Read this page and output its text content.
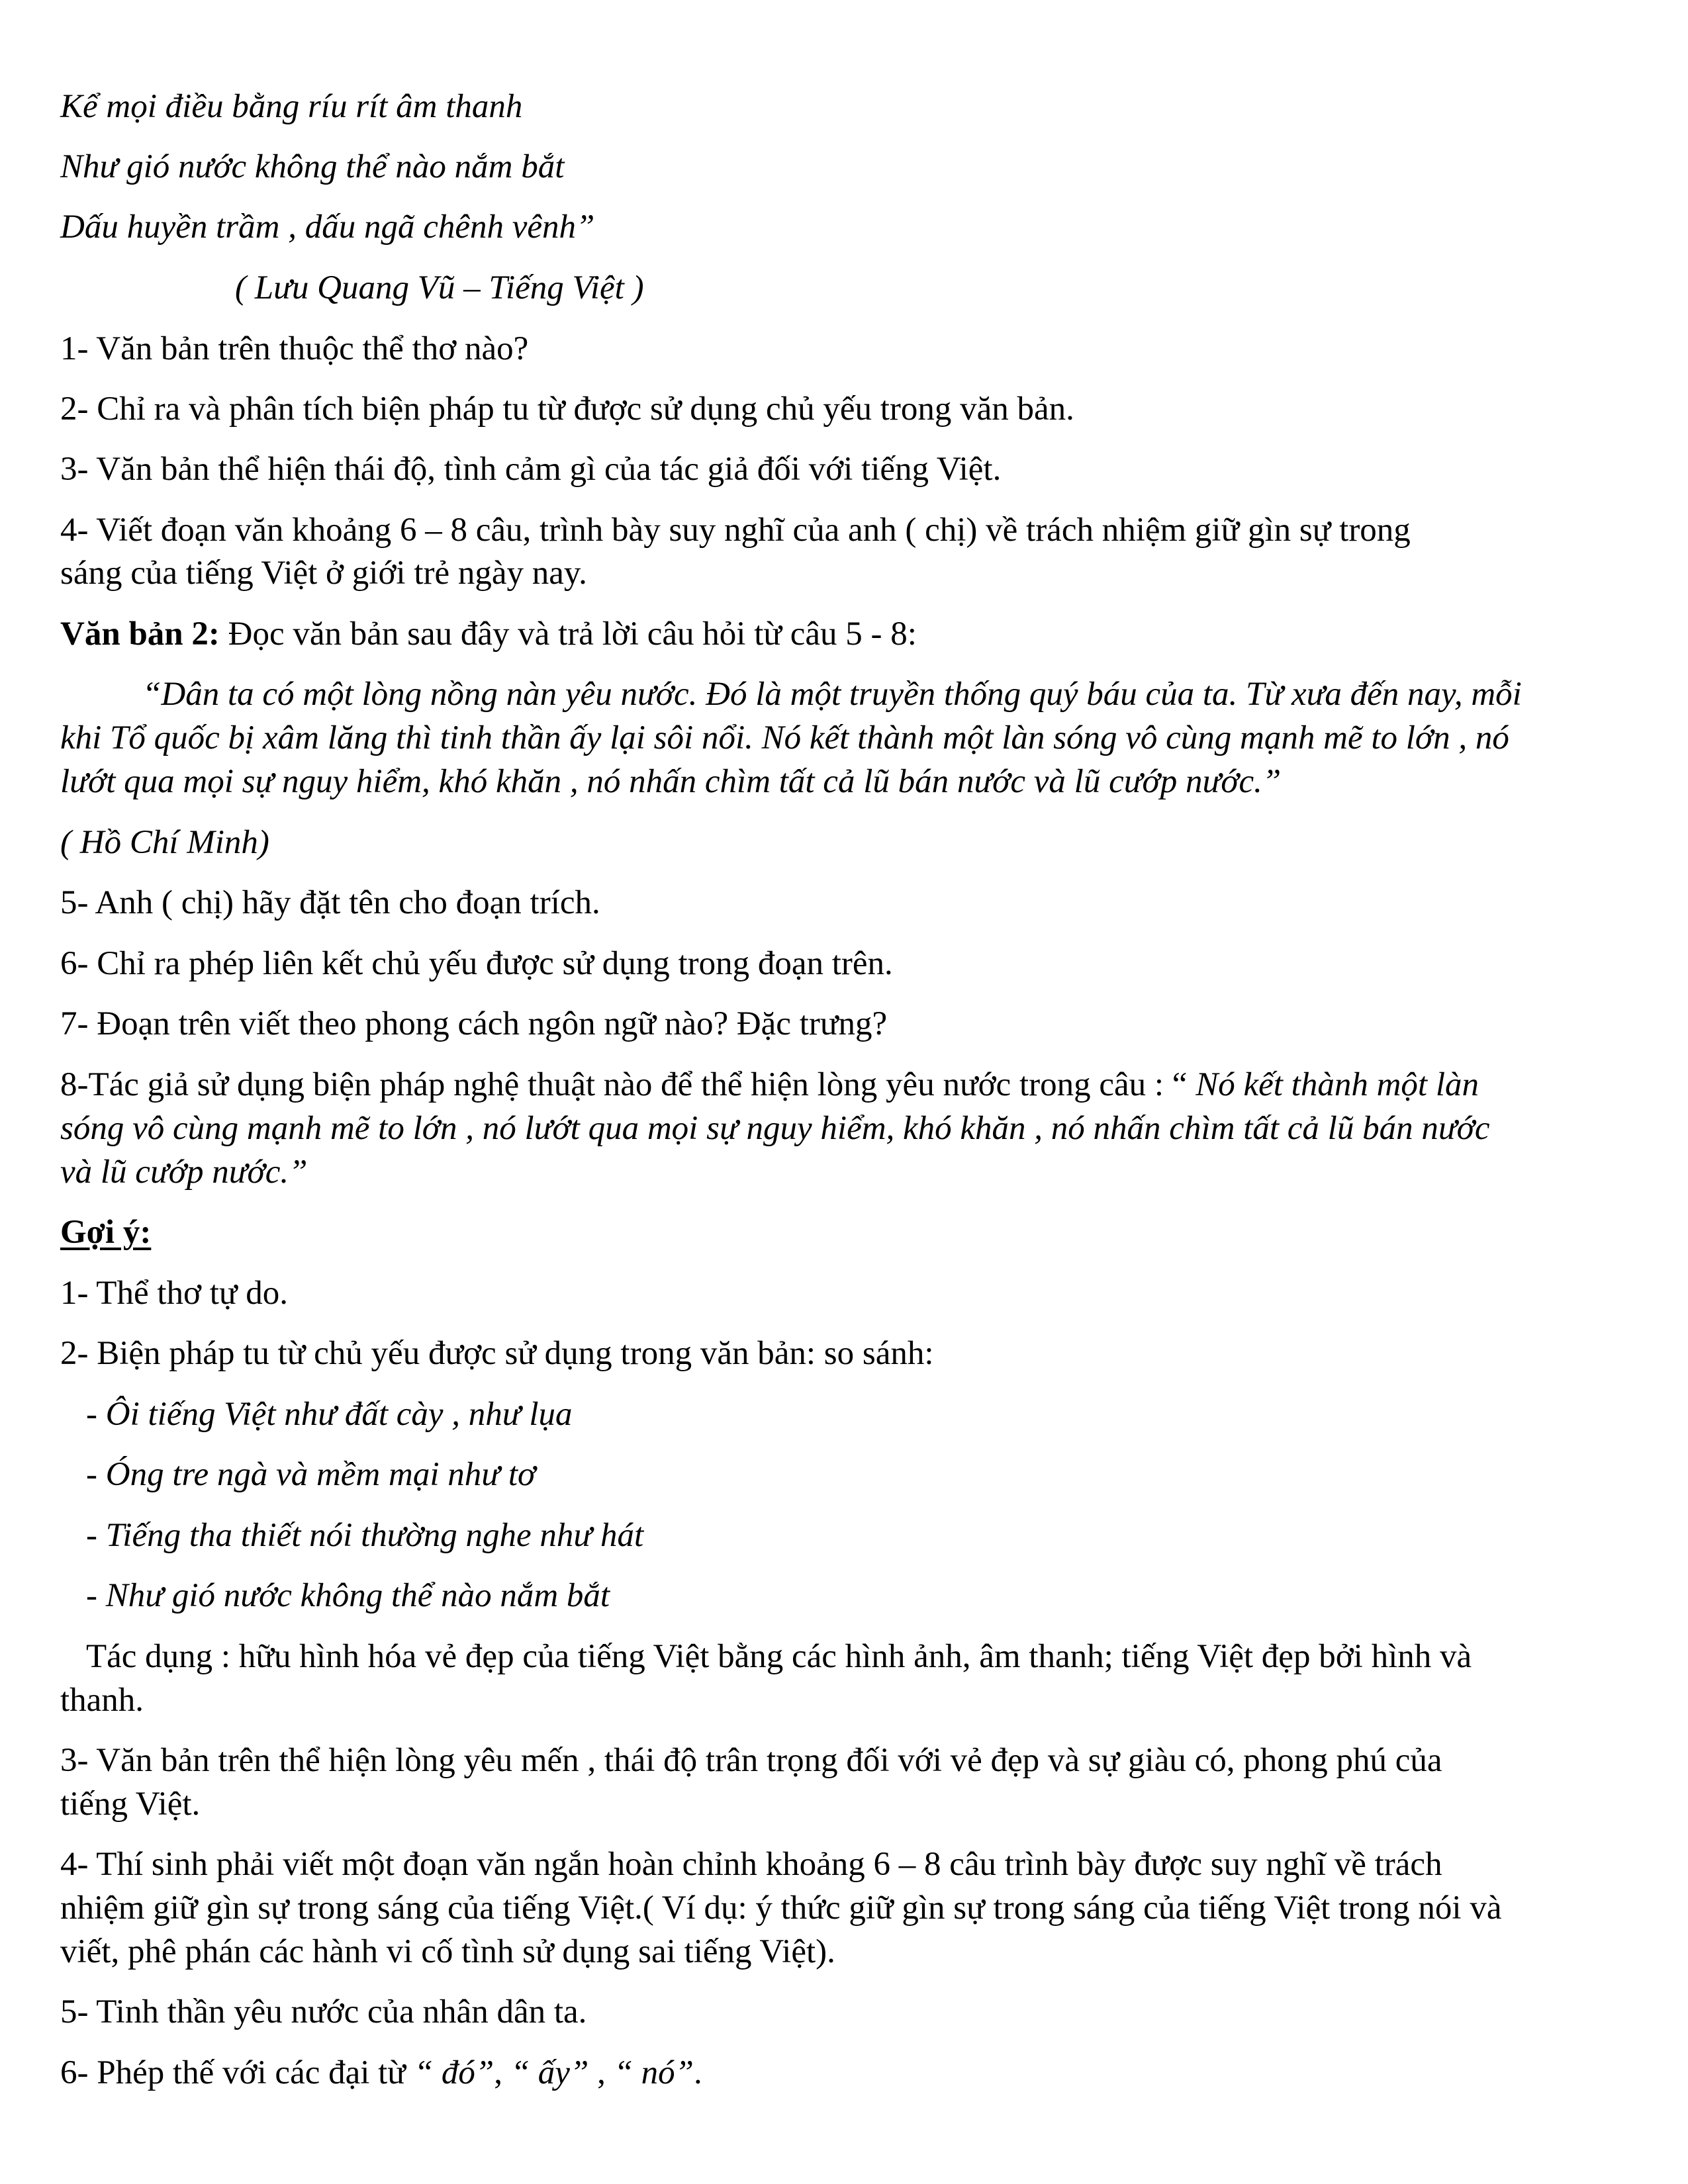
Kể mọi điều bằng ríu rít âm thanh
Như gió nước không thể nào nắm bắt
Dấu huyền trầm , dấu ngã chênh vênh”
( Lưu Quang Vũ – Tiếng Việt )
1- Văn bản trên thuộc thể thơ nào?
2- Chỉ ra và phân tích biện pháp tu từ được sử dụng chủ yếu trong văn bản.
3- Văn bản thể hiện thái độ, tình cảm gì của tác giả đối với tiếng Việt.
4- Viết đoạn văn khoảng 6 – 8 câu, trình bày suy nghĩ của anh ( chị) về trách nhiệm giữ gìn sự trong
sáng của tiếng Việt ở giới trẻ ngày nay.
Văn bản 2: Đọc văn bản sau đây và trả lời câu hỏi từ câu 5 - 8:
“Dân ta có một lòng nồng nàn yêu nước. Đó là một truyền thống quý báu của ta. Từ xưa đến nay, mỗi
khi Tổ quốc bị xâm lăng thì tinh thần ấy lại sôi nổi. Nó kết thành một làn sóng vô cùng mạnh mẽ to lớn , nó
lướt qua mọi sự nguy hiểm, khó khăn , nó nhấn chìm tất cả lũ bán nước và lũ cướp nước.”
( Hồ Chí Minh)
5- Anh ( chị) hãy đặt tên cho đoạn trích.
6- Chỉ ra phép liên kết chủ yếu được sử dụng trong đoạn trên.
7- Đoạn trên viết theo phong cách ngôn ngữ nào? Đặc trưng?
8-Tác giả sử dụng biện pháp nghệ thuật nào để thể hiện lòng yêu nước trong câu : “ Nó kết thành một làn
sóng vô cùng mạnh mẽ to lớn , nó lướt qua mọi sự nguy hiểm, khó khăn , nó nhấn chìm tất cả lũ bán nước
và lũ cướp nước.”
Gợi ý:
1- Thể thơ tự do.
2- Biện pháp tu từ chủ yếu được sử dụng trong văn bản: so sánh:
- Ôi tiếng Việt như đất cày , như lụa
- Óng tre ngà và mềm mại như tơ
- Tiếng tha thiết nói thường nghe như hát
- Như gió nước không thể nào nắm bắt
Tác dụng : hữu hình hóa vẻ đẹp của tiếng Việt bằng các hình ảnh, âm thanh; tiếng Việt đẹp bởi hình và
thanh.
3- Văn bản trên thể hiện lòng yêu mến , thái độ trân trọng đối với vẻ đẹp và sự giàu có, phong phú của
tiếng Việt.
4- Thí sinh phải viết một đoạn văn ngắn hoàn chỉnh khoảng 6 – 8 câu trình bày được suy nghĩ về trách
nhiệm giữ gìn sự trong sáng của tiếng Việt.( Ví dụ: ý thức giữ gìn sự trong sáng của tiếng Việt trong nói và
viết, phê phán các hành vi cố tình sử dụng sai tiếng Việt).
5- Tinh thần yêu nước của nhân dân ta.
6- Phép thế với các đại từ “ đó”, “ ấy” , “ nó”.
